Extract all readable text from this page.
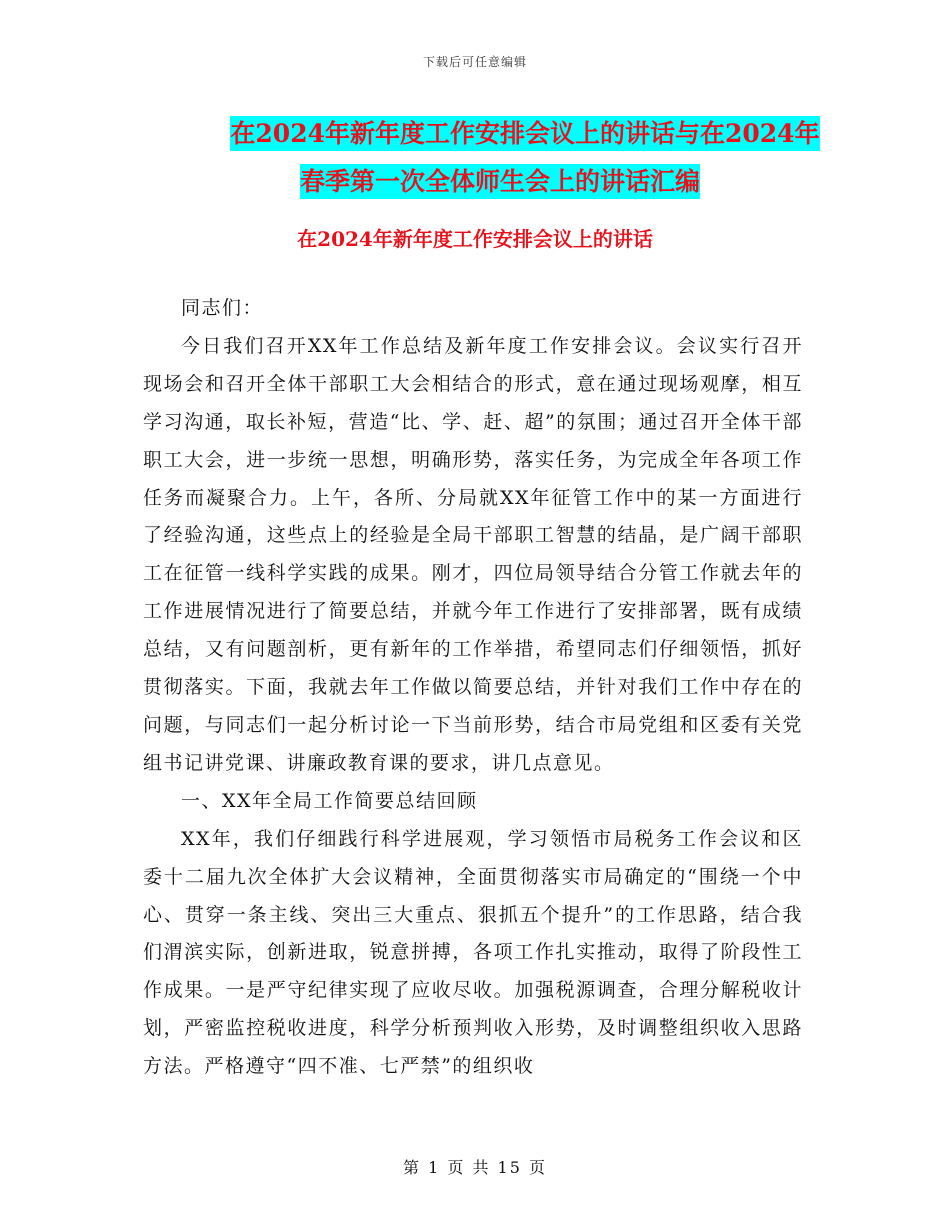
下载后可任意编辑
在2024年新年度工作安排会议上的讲话与在2024年
春季第一次全体师生会上的讲话汇编
在2024年新年度工作安排会议上的讲话

同志们：

今日我们召开XX年工作总结及新年度工作安排会议。会议实行召开现场会和召开全体干部职工大会相结合的形式，意在通过现场观摩，相互学习沟通，取长补短，营造“比、学、赶、超”的氛围；通过召开全体干部职工大会，进一步统一思想，明确形势，落实任务，为完成全年各项工作任务而凝聚合力。上午，各所、分局就XX年征管工作中的某一方面进行了经验沟通，这些点上的经验是全局干部职工智慧的结晶，是广阔干部职工在征管一线科学实践的成果。刚才，四位局领导结合分管工作就去年的工作进展情况进行了简要总结，并就今年工作进行了安排部署，既有成绩总结，又有问题剖析，更有新年的工作举措，希望同志们仔细领悟，抓好贯彻落实。下面，我就去年工作做以简要总结，并针对我们工作中存在的问题，与同志们一起分析讨论一下当前形势，结合市局党组和区委有关党组书记讲党课、讲廉政教育课的要求，讲几点意见。

一、XX年全局工作简要总结回顾

XX年，我们仔细践行科学进展观，学习领悟市局税务工作会议和区委十二届九次全体扩大会议精神，全面贯彻落实市局确定的“围绕一个中心、贯穿一条主线、突出三大重点、狠抓五个提升”的工作思路，结合我们渭滨实际，创新进取，锐意拼搏，各项工作扎实推动，取得了阶段性工作成果。一是严守纪律实现了应收尽收。加强税源调查，合理分解税收计划，严密监控税收进度，科学分析预判收入形势，及时调整组织收入思路方法。严格遵守“四不准、七严禁”的组织收

第 1 页 共 15 页
